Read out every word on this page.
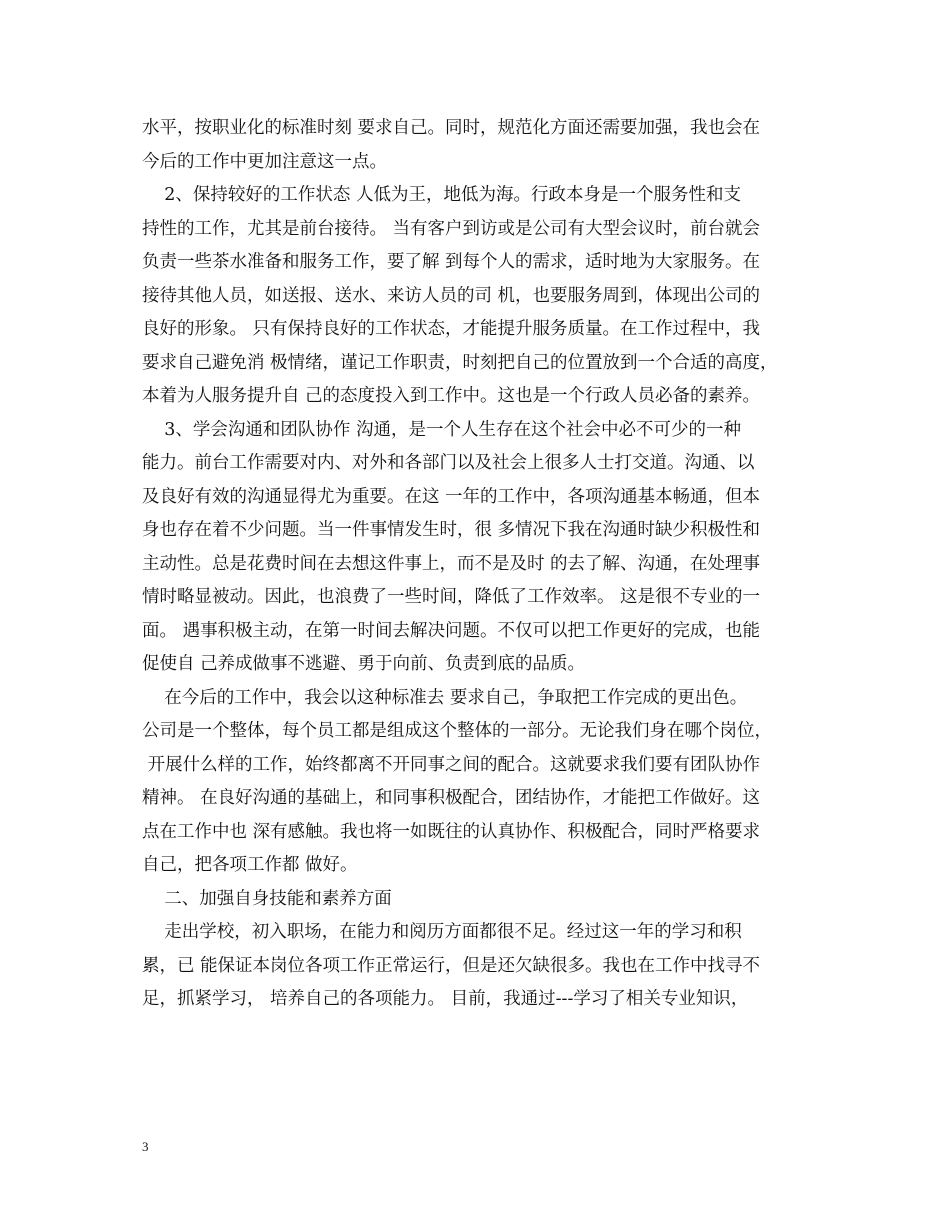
水平，按职业化的标准时刻 要求自己。同时，规范化方面还需要加强，我也会在
今后的工作中更加注意这一点。
2、保持较好的工作状态 人低为王，地低为海。行政本身是一个服务性和支
持性的工作，尤其是前台接待。 当有客户到访或是公司有大型会议时，前台就会
负责一些茶水准备和服务工作，要了解 到每个人的需求，适时地为大家服务。在
接待其他人员，如送报、送水、来访人员的司 机，也要服务周到，体现出公司的
良好的形象。 只有保持良好的工作状态，才能提升服务质量。在工作过程中，我
要求自己避免消 极情绪，谨记工作职责，时刻把自己的位置放到一个合适的高度，
本着为人服务提升自 己的态度投入到工作中。这也是一个行政人员必备的素养。
3、学会沟通和团队协作 沟通，是一个人生存在这个社会中必不可少的一种
能力。前台工作需要对内、对外和各部门以及社会上很多人士打交道。沟通、以
及良好有效的沟通显得尤为重要。在这 一年的工作中，各项沟通基本畅通，但本
身也存在着不少问题。当一件事情发生时，很 多情况下我在沟通时缺少积极性和
主动性。总是花费时间在去想这件事上，而不是及时 的去了解、沟通，在处理事
情时略显被动。因此，也浪费了一些时间，降低了工作效率。 这是很不专业的一
面。 遇事积极主动，在第一时间去解决问题。不仅可以把工作更好的完成，也能
促使自 己养成做事不逃避、勇于向前、负责到底的品质。
在今后的工作中，我会以这种标准去 要求自己，争取把工作完成的更出色。
公司是一个整体，每个员工都是组成这个整体的一部分。无论我们身在哪个岗位，
开展什么样的工作，始终都离不开同事之间的配合。这就要求我们要有团队协作
精神。 在良好沟通的基础上，和同事积极配合，团结协作，才能把工作做好。这
点在工作中也 深有感触。我也将一如既往的认真协作、积极配合，同时严格要求
自己，把各项工作都 做好。
二、加强自身技能和素养方面
走出学校，初入职场，在能力和阅历方面都很不足。经过这一年的学习和积
累，已 能保证本岗位各项工作正常运行，但是还欠缺很多。我也在工作中找寻不
足，抓紧学习， 培养自己的各项能力。 目前，我通过---学习了相关专业知识，
3
